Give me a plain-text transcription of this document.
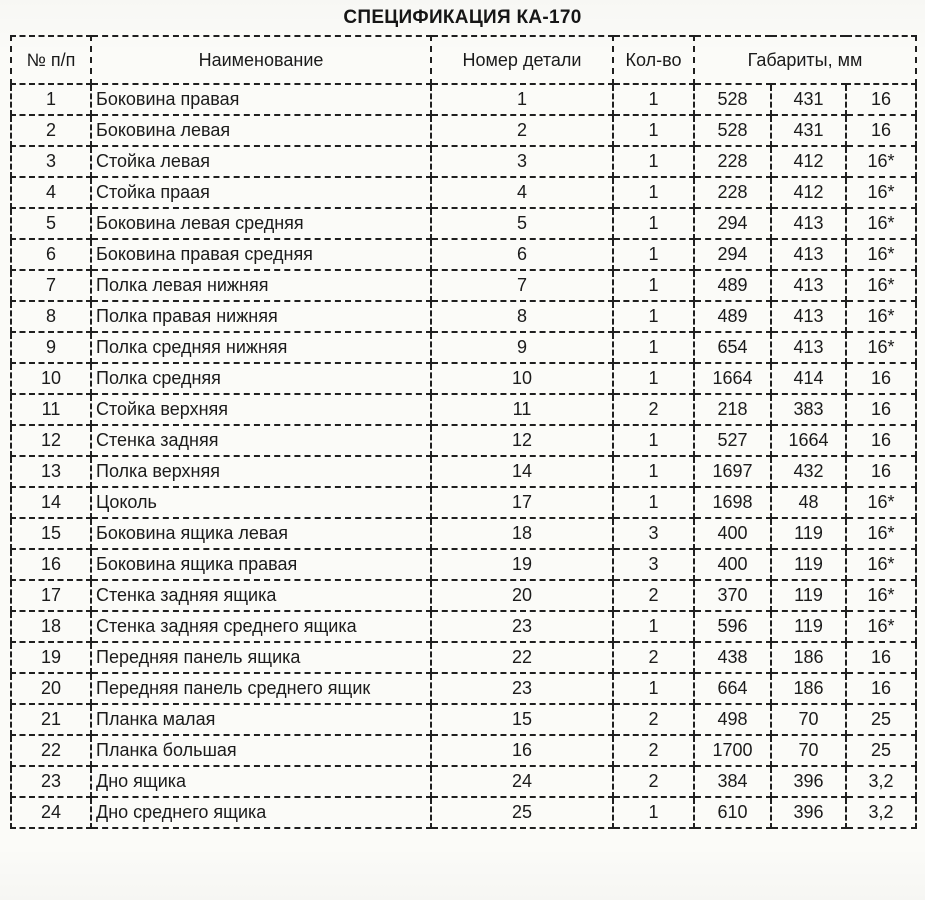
СПЕЦИФИКАЦИЯ КА-170
№ п/п	Наименование	Номер детали	Кол-во	Габариты, мм		
1	Боковина правая	1	1	528	431	16
2	Боковина левая	2	1	528	431	16
3	Стойка левая	3	1	228	412	16*
4	Стойка праая	4	1	228	412	16*
5	Боковина левая средняя	5	1	294	413	16*
6	Боковина правая средняя	6	1	294	413	16*
7	Полка левая нижняя	7	1	489	413	16*
8	Полка правая нижняя	8	1	489	413	16*
9	Полка средняя нижняя	9	1	654	413	16*
10	Полка средняя	10	1	1664	414	16
11	Стойка верхняя	11	2	218	383	16
12	Стенка задняя	12	1	527	1664	16
13	Полка верхняя	14	1	1697	432	16
14	Цоколь	17	1	1698	48	16*
15	Боковина ящика левая	18	3	400	119	16*
16	Боковина ящика правая	19	3	400	119	16*
17	Стенка задняя ящика	20	2	370	119	16*
18	Стенка задняя среднего ящика	23	1	596	119	16*
19	Передняя панель ящика	22	2	438	186	16
20	Передняя панель среднего ящик	23	1	664	186	16
21	Планка малая	15	2	498	70	25
22	Планка большая	16	2	1700	70	25
23	Дно ящика	24	2	384	396	3,2
24	Дно среднего ящика	25	1	610	396	3,2
